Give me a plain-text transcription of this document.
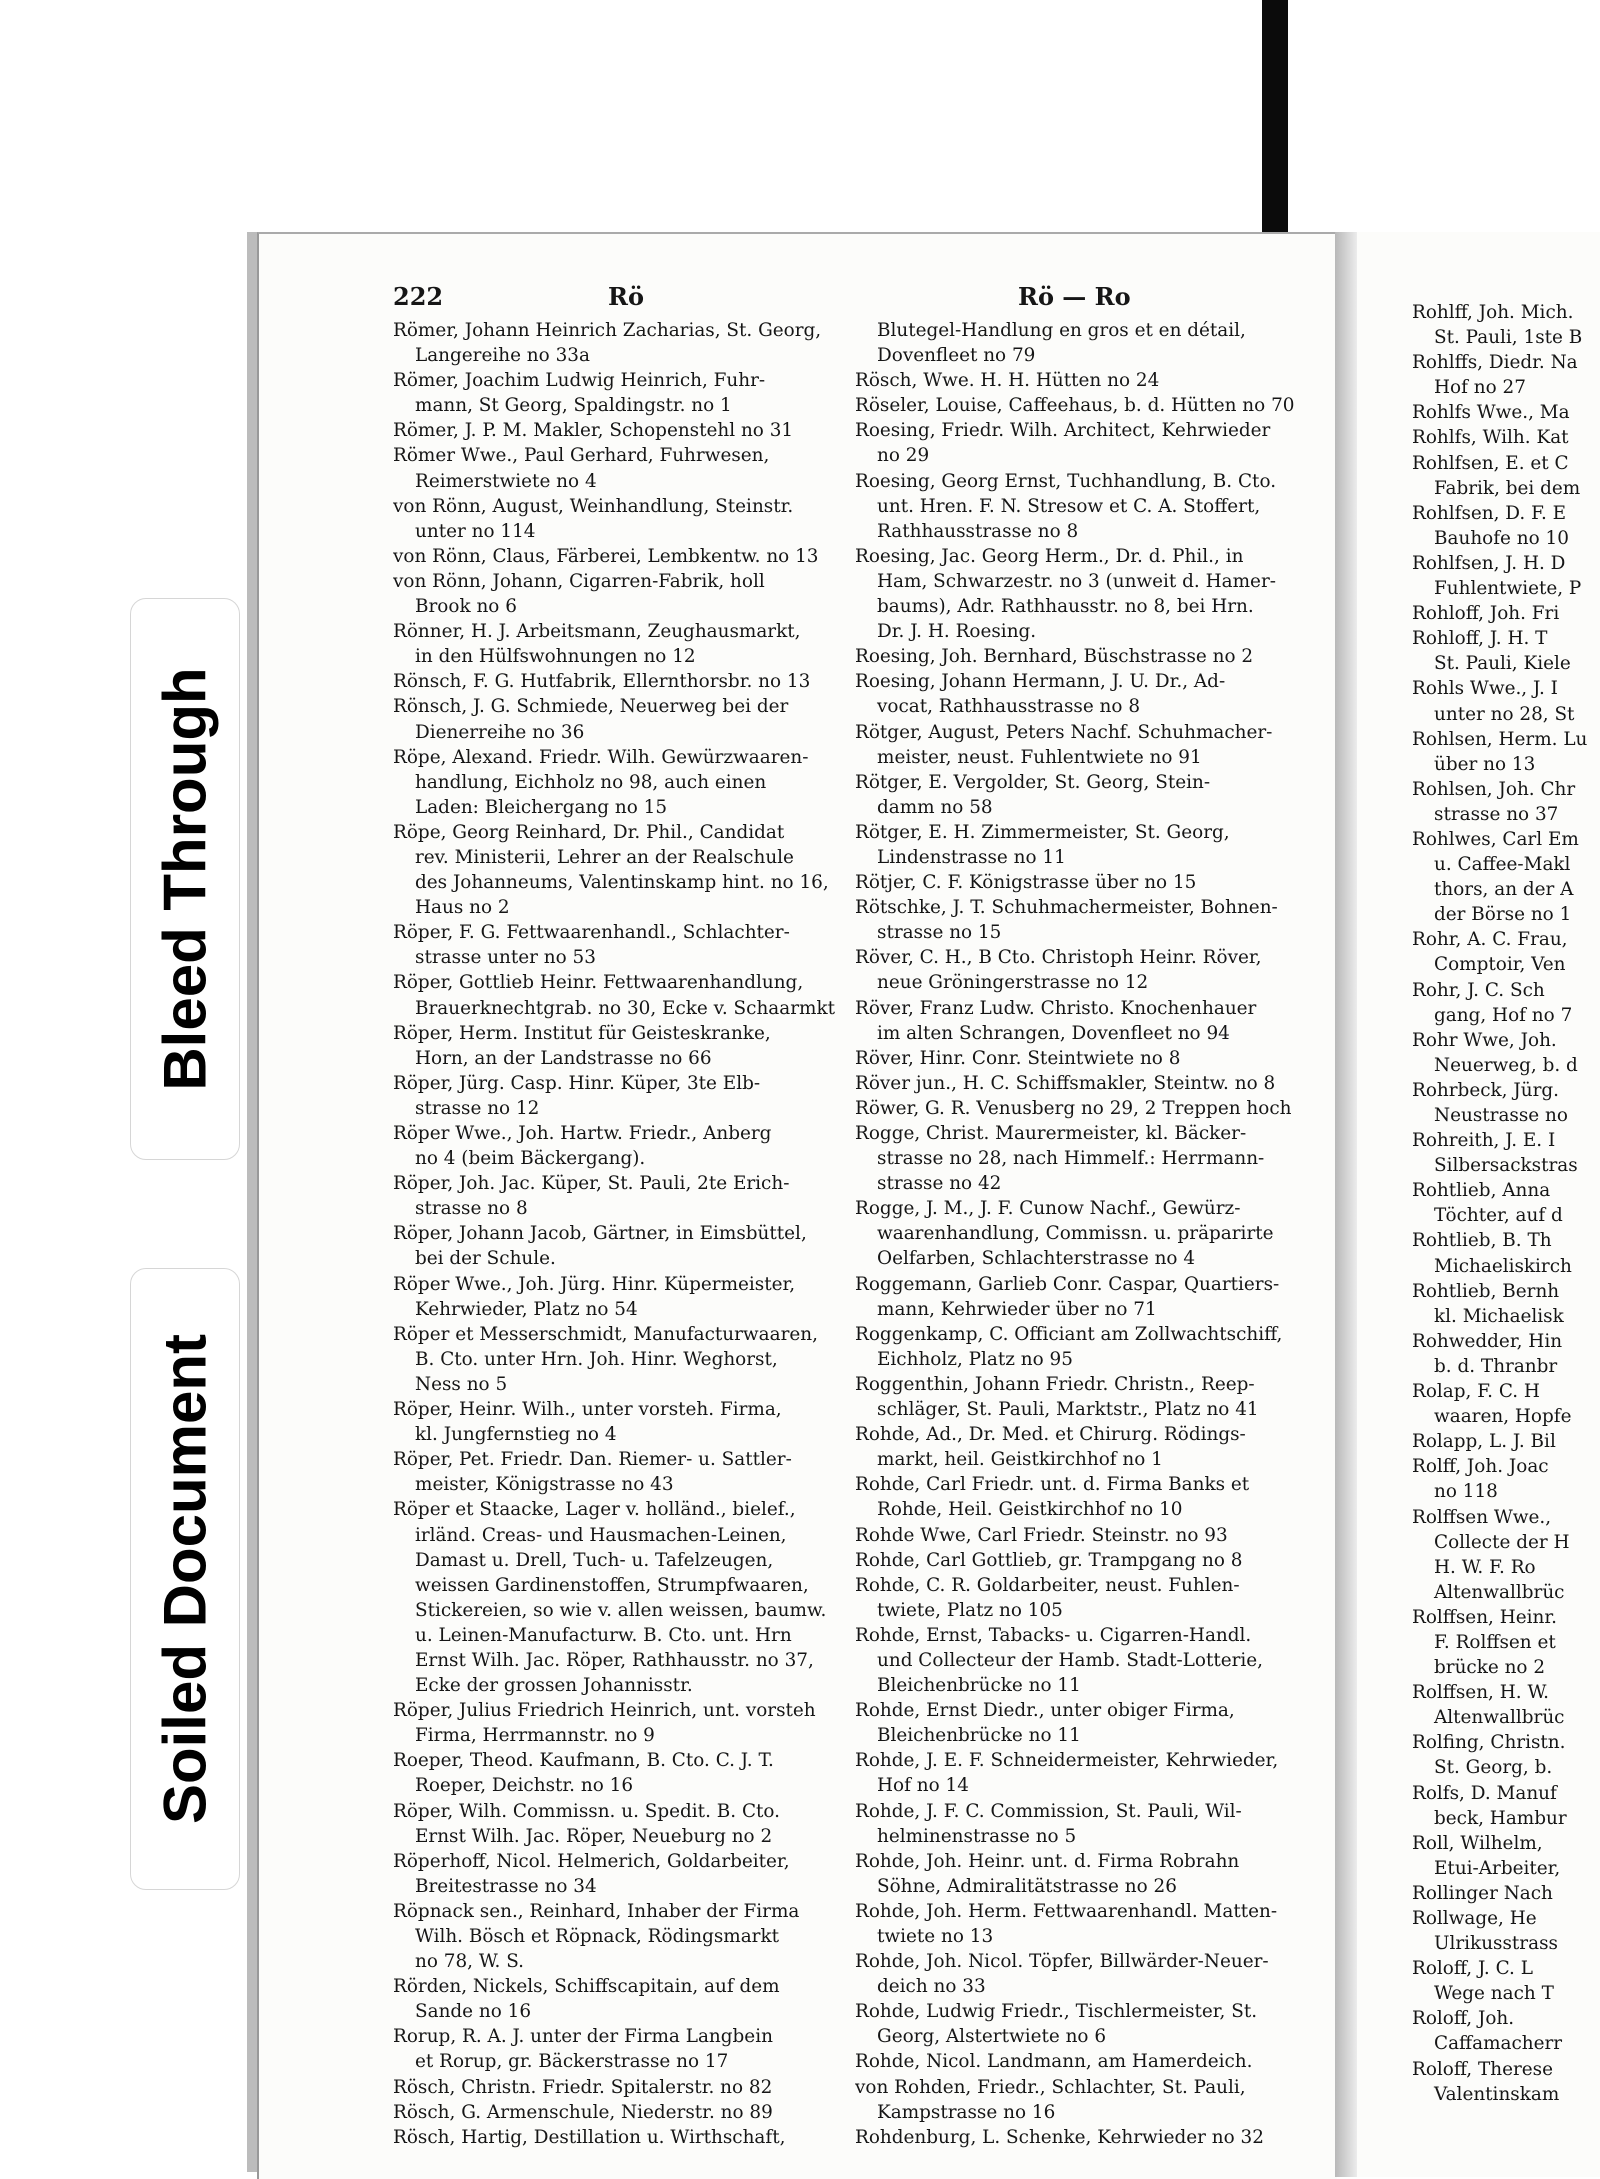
Bleed Through
Soiled Document
222	Rö	Rö — Ro
Römer, Johann Heinrich Zacharias, St. Georg,
Langereihe no 33a
Römer, Joachim Ludwig Heinrich, Fuhr-
mann, St Georg, Spaldingstr. no 1
Römer, J. P. M. Makler, Schopenstehl no 31
Römer Wwe., Paul Gerhard, Fuhrwesen,
Reimerstwiete no 4
von Rönn, August, Weinhandlung, Steinstr.
unter no 114
von Rönn, Claus, Färberei, Lembkentw. no 13
von Rönn, Johann, Cigarren-Fabrik, holl
Brook no 6
Rönner, H. J. Arbeitsmann, Zeughausmarkt,
in den Hülfswohnungen no 12
Rönsch, F. G. Hutfabrik, Ellernthorsbr. no 13
Rönsch, J. G. Schmiede, Neuerweg bei der
Dienerreihe no 36
Röpe, Alexand. Friedr. Wilh. Gewürzwaaren-
handlung, Eichholz no 98, auch einen
Laden: Bleichergang no 15
Röpe, Georg Reinhard, Dr. Phil., Candidat
rev. Ministerii, Lehrer an der Realschule
des Johanneums, Valentinskamp hint. no 16,
Haus no 2
Röper, F. G. Fettwaarenhandl., Schlachter-
strasse unter no 53
Röper, Gottlieb Heinr. Fettwaarenhandlung,
Brauerknechtgrab. no 30, Ecke v. Schaarmkt
Röper, Herm. Institut für Geisteskranke,
Horn, an der Landstrasse no 66
Röper, Jürg. Casp. Hinr. Küper, 3te Elb-
strasse no 12
Röper Wwe., Joh. Hartw. Friedr., Anberg
no 4 (beim Bäckergang).
Röper, Joh. Jac. Küper, St. Pauli, 2te Erich-
strasse no 8
Röper, Johann Jacob, Gärtner, in Eimsbüttel,
bei der Schule.
Röper Wwe., Joh. Jürg. Hinr. Küpermeister,
Kehrwieder, Platz no 54
Röper et Messerschmidt, Manufacturwaaren,
B. Cto. unter Hrn. Joh. Hinr. Weghorst,
Ness no 5
Röper, Heinr. Wilh., unter vorsteh. Firma,
kl. Jungfernstieg no 4
Röper, Pet. Friedr. Dan. Riemer- u. Sattler-
meister, Königstrasse no 43
Röper et Staacke, Lager v. holländ., bielef.,
irländ. Creas- und Hausmachen-Leinen,
Damast u. Drell, Tuch- u. Tafelzeugen,
weissen Gardinenstoffen, Strumpfwaaren,
Stickereien, so wie v. allen weissen, baumw.
u. Leinen-Manufacturw. B. Cto. unt. Hrn
Ernst Wilh. Jac. Röper, Rathhausstr. no 37,
Ecke der grossen Johannisstr.
Röper, Julius Friedrich Heinrich, unt. vorsteh
Firma, Herrmannstr. no 9
Roeper, Theod. Kaufmann, B. Cto. C. J. T.
Roeper, Deichstr. no 16
Röper, Wilh. Commissn. u. Spedit. B. Cto.
Ernst Wilh. Jac. Röper, Neueburg no 2
Röperhoff, Nicol. Helmerich, Goldarbeiter,
Breitestrasse no 34
Röpnack sen., Reinhard, Inhaber der Firma
Wilh. Bösch et Röpnack, Rödingsmarkt
no 78, W. S.
Rörden, Nickels, Schiffscapitain, auf dem
Sande no 16
Rorup, R. A. J. unter der Firma Langbein
et Rorup, gr. Bäckerstrasse no 17
Rösch, Christn. Friedr. Spitalerstr. no 82
Rösch, G. Armenschule, Niederstr. no 89
Rösch, Hartig, Destillation u. Wirthschaft,
Blutegel-Handlung en gros et en détail,
Dovenfleet no 79
Rösch, Wwe. H. H. Hütten no 24
Röseler, Louise, Caffeehaus, b. d. Hütten no 70
Roesing, Friedr. Wilh. Architect, Kehrwieder
no 29
Roesing, Georg Ernst, Tuchhandlung, B. Cto.
unt. Hren. F. N. Stresow et C. A. Stoffert,
Rathhausstrasse no 8
Roesing, Jac. Georg Herm., Dr. d. Phil., in
Ham, Schwarzestr. no 3 (unweit d. Hamer-
baums), Adr. Rathhausstr. no 8, bei Hrn.
Dr. J. H. Roesing.
Roesing, Joh. Bernhard, Büschstrasse no 2
Roesing, Johann Hermann, J. U. Dr., Ad-
vocat, Rathhausstrasse no 8
Rötger, August, Peters Nachf. Schuhmacher-
meister, neust. Fuhlentwiete no 91
Rötger, E. Vergolder, St. Georg, Stein-
damm no 58
Rötger, E. H. Zimmermeister, St. Georg,
Lindenstrasse no 11
Rötjer, C. F. Königstrasse über no 15
Rötschke, J. T. Schuhmachermeister, Bohnen-
strasse no 15
Röver, C. H., B Cto. Christoph Heinr. Röver,
neue Gröningerstrasse no 12
Röver, Franz Ludw. Christo. Knochenhauer
im alten Schrangen, Dovenfleet no 94
Röver, Hinr. Conr. Steintwiete no 8
Röver jun., H. C. Schiffsmakler, Steintw. no 8
Röwer, G. R. Venusberg no 29, 2 Treppen hoch
Rogge, Christ. Maurermeister, kl. Bäcker-
strasse no 28, nach Himmelf.: Herrmann-
strasse no 42
Rogge, J. M., J. F. Cunow Nachf., Gewürz-
waarenhandlung, Commissn. u. präparirte
Oelfarben, Schlachterstrasse no 4
Roggemann, Garlieb Conr. Caspar, Quartiers-
mann, Kehrwieder über no 71
Roggenkamp, C. Officiant am Zollwachtschiff,
Eichholz, Platz no 95
Roggenthin, Johann Friedr. Christn., Reep-
schläger, St. Pauli, Marktstr., Platz no 41
Rohde, Ad., Dr. Med. et Chirurg. Rödings-
markt, heil. Geistkirchhof no 1
Rohde, Carl Friedr. unt. d. Firma Banks et
Rohde, Heil. Geistkirchhof no 10
Rohde Wwe, Carl Friedr. Steinstr. no 93
Rohde, Carl Gottlieb, gr. Trampgang no 8
Rohde, C. R. Goldarbeiter, neust. Fuhlen-
twiete, Platz no 105
Rohde, Ernst, Tabacks- u. Cigarren-Handl.
und Collecteur der Hamb. Stadt-Lotterie,
Bleichenbrücke no 11
Rohde, Ernst Diedr., unter obiger Firma,
Bleichenbrücke no 11
Rohde, J. E. F. Schneidermeister, Kehrwieder,
Hof no 14
Rohde, J. F. C. Commission, St. Pauli, Wil-
helminenstrasse no 5
Rohde, Joh. Heinr. unt. d. Firma Robrahn
Söhne, Admiralitätstrasse no 26
Rohde, Joh. Herm. Fettwaarenhandl. Matten-
twiete no 13
Rohde, Joh. Nicol. Töpfer, Billwärder-Neuer-
deich no 33
Rohde, Ludwig Friedr., Tischlermeister, St.
Georg, Alstertwiete no 6
Rohde, Nicol. Landmann, am Hamerdeich.
von Rohden, Friedr., Schlachter, St. Pauli,
Kampstrasse no 16
Rohdenburg, L. Schenke, Kehrwieder no 32
Rohlff, Joh. Mich.
St. Pauli, 1ste B
Rohlffs, Diedr. Na
Hof no 27
Rohlfs Wwe., Ma
Rohlfs, Wilh. Kat
Rohlfsen, E. et C
Fabrik, bei dem
Rohlfsen, D. F. E
Bauhofe no 10
Rohlfsen, J. H. D
Fuhlentwiete, P
Rohloff, Joh. Fri
Rohloff, J. H. T
St. Pauli, Kiele
Rohls Wwe., J. I
unter no 28, St
Rohlsen, Herm. Lu
über no 13
Rohlsen, Joh. Chr
strasse no 37
Rohlwes, Carl Em
u. Caffee-Makl
thors, an der A
der Börse no 1
Rohr, A. C. Frau,
Comptoir, Ven
Rohr, J. C. Sch
gang, Hof no 7
Rohr Wwe, Joh.
Neuerweg, b. d
Rohrbeck, Jürg.
Neustrasse no
Rohreith, J. E. I
Silbersackstras
Rohtlieb, Anna
Töchter, auf d
Rohtlieb, B. Th
Michaeliskirch
Rohtlieb, Bernh
kl. Michaelisk
Rohwedder, Hin
b. d. Thranbr
Rolap, F. C. H
waaren, Hopfe
Rolapp, L. J. Bil
Rolff, Joh. Joac
no 118
Rolffsen Wwe.,
Collecte der H
H. W. F. Ro
Altenwallbrüc
Rolffsen, Heinr.
F. Rolffsen et
brücke no 2
Rolffsen, H. W.
Altenwallbrüc
Rolfing, Christn.
St. Georg, b.
Rolfs, D. Manuf
beck, Hambur
Roll, Wilhelm,
Etui-Arbeiter,
Rollinger Nach
Rollwage, He
Ulrikusstrass
Roloff, J. C. L
Wege nach T
Roloff, Joh.
Caffamacherr
Roloff, Therese
Valentinskam
